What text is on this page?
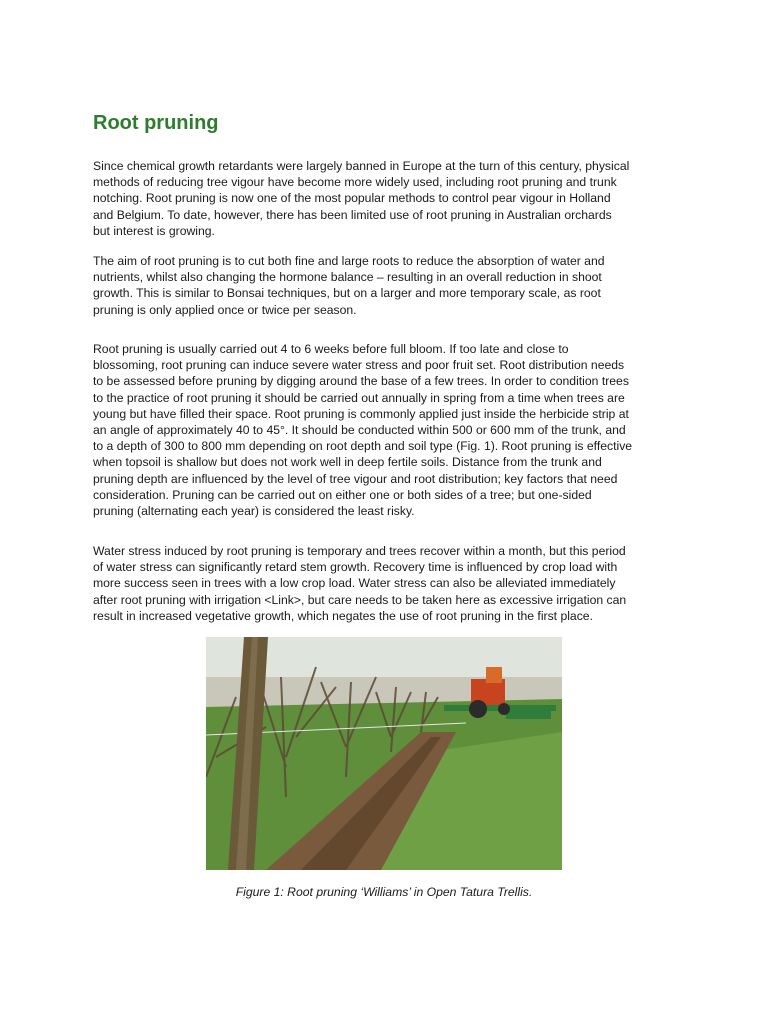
Root pruning

Since chemical growth retardants were largely banned in Europe at the turn of this century, physical
methods of reducing tree vigour have become more widely used, including root pruning and trunk
notching. Root pruning is now one of the most popular methods to control pear vigour in Holland
and Belgium. To date, however, there has been limited use of root pruning in Australian orchards
but interest is growing.

The aim of root pruning is to cut both fine and large roots to reduce the absorption of water and
nutrients, whilst also changing the hormone balance – resulting in an overall reduction in shoot
growth. This is similar to Bonsai techniques, but on a larger and more temporary scale, as root
pruning is only applied once or twice per season.

Root pruning is usually carried out 4 to 6 weeks before full bloom. If too late and close to
blossoming, root pruning can induce severe water stress and poor fruit set. Root distribution needs
to be assessed before pruning by digging around the base of a few trees. In order to condition trees
to the practice of root pruning it should be carried out annually in spring from a time when trees are
young but have filled their space. Root pruning is commonly applied just inside the herbicide strip at
an angle of approximately 40 to 45°. It should be conducted within 500 or 600 mm of the trunk, and
to a depth of 300 to 800 mm depending on root depth and soil type (Fig. 1). Root pruning is effective
when topsoil is shallow but does not work well in deep fertile soils. Distance from the trunk and
pruning depth are influenced by the level of tree vigour and root distribution; key factors that need
consideration. Pruning can be carried out on either one or both sides of a tree; but one-sided
pruning (alternating each year) is considered the least risky.

Water stress induced by root pruning is temporary and trees recover within a month, but this period
of water stress can significantly retard stem growth. Recovery time is influenced by crop load with
more success seen in trees with a low crop load. Water stress can also be alleviated immediately
after root pruning with irrigation <Link>, but care needs to be taken here as excessive irrigation can
result in increased vegetative growth, which negates the use of root pruning in the first place.

Figure 1: Root pruning ‘Williams’ in Open Tatura Trellis.
